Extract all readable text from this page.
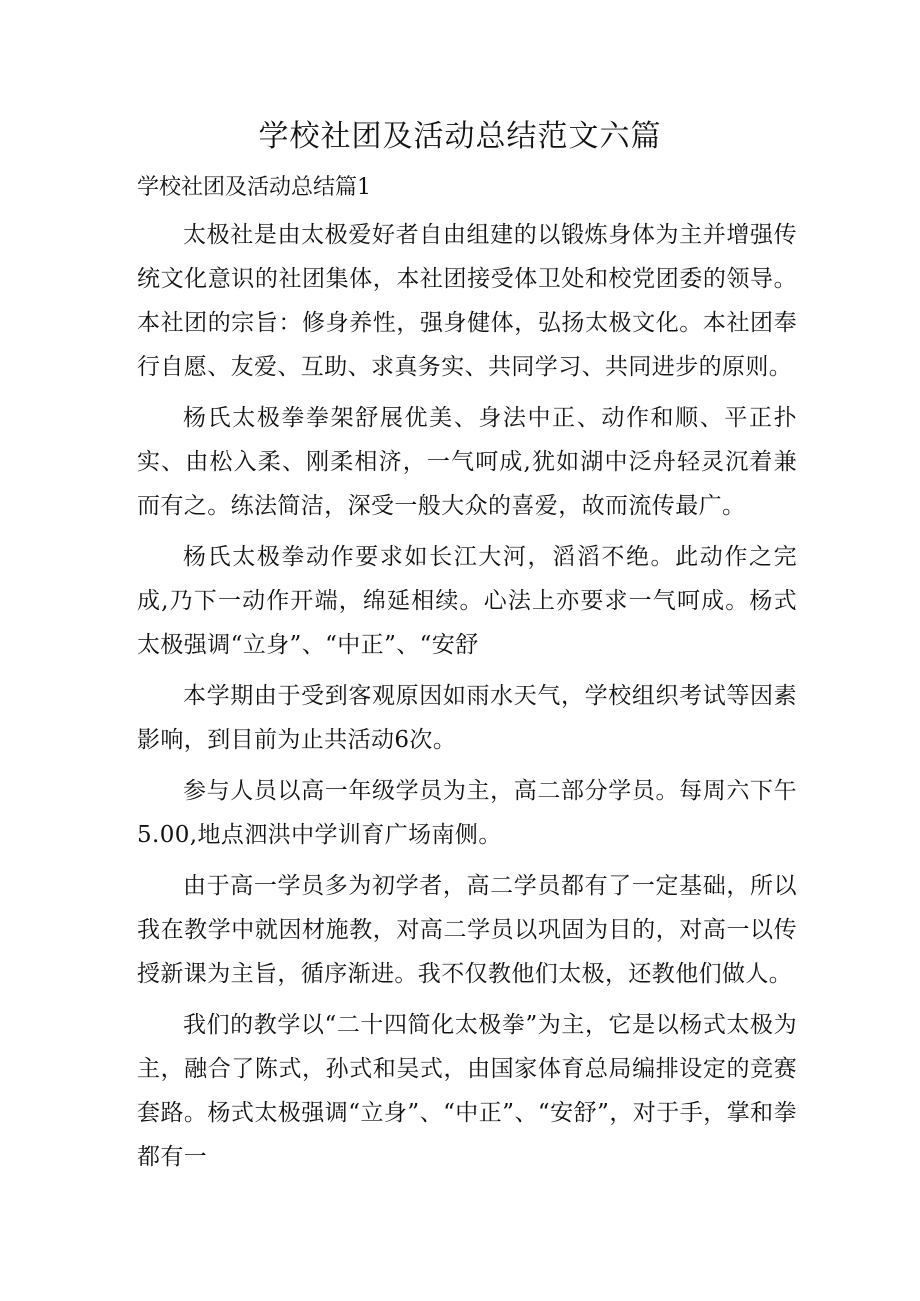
学校社团及活动总结范文六篇

学校社团及活动总结篇1

太极社是由太极爱好者自由组建的以锻炼身体为主并增强传统文化意识的社团集体，本社团接受体卫处和校党团委的领导。本社团的宗旨：修身养性，强身健体，弘扬太极文化。本社团奉行自愿、友爱、互助、求真务实、共同学习、共同进步的原则。

杨氏太极拳拳架舒展优美、身法中正、动作和顺、平正扑实、由松入柔、刚柔相济，一气呵成,犹如湖中泛舟轻灵沉着兼而有之。练法简洁，深受一般大众的喜爱，故而流传最广。

杨氏太极拳动作要求如长江大河，滔滔不绝。此动作之完成,乃下一动作开端，绵延相续。心法上亦要求一气呵成。杨式太极强调“立身”、“中正”、“安舒

本学期由于受到客观原因如雨水天气，学校组织考试等因素影响，到目前为止共活动6次。

参与人员以高一年级学员为主，高二部分学员。每周六下午5.00,地点泗洪中学训育广场南侧。

由于高一学员多为初学者，高二学员都有了一定基础，所以我在教学中就因材施教，对高二学员以巩固为目的，对高一以传授新课为主旨，循序渐进。我不仅教他们太极，还教他们做人。

我们的教学以“二十四简化太极拳”为主，它是以杨式太极为主，融合了陈式，孙式和吴式，由国家体育总局编排设定的竞赛套路。杨式太极强调“立身”、“中正”、“安舒”，对于手，掌和拳都有一
